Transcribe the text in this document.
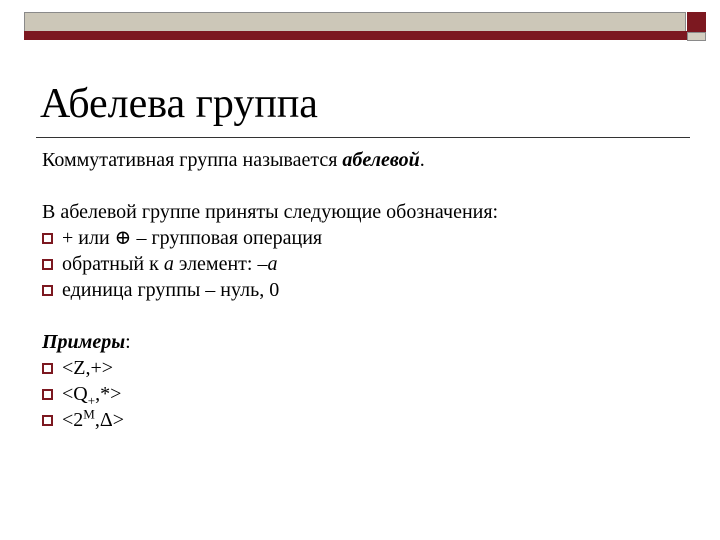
Абелева группа

Коммутативная группа называется абелевой.

В абелевой группе приняты следующие обозначения:

+ или ⊕ – групповая операция
обратный к a элемент: –a
единица группы – нуль, 0

Примеры:

<Z,+>
$<Q_+,*>$
$<2^M,\Delta>$
